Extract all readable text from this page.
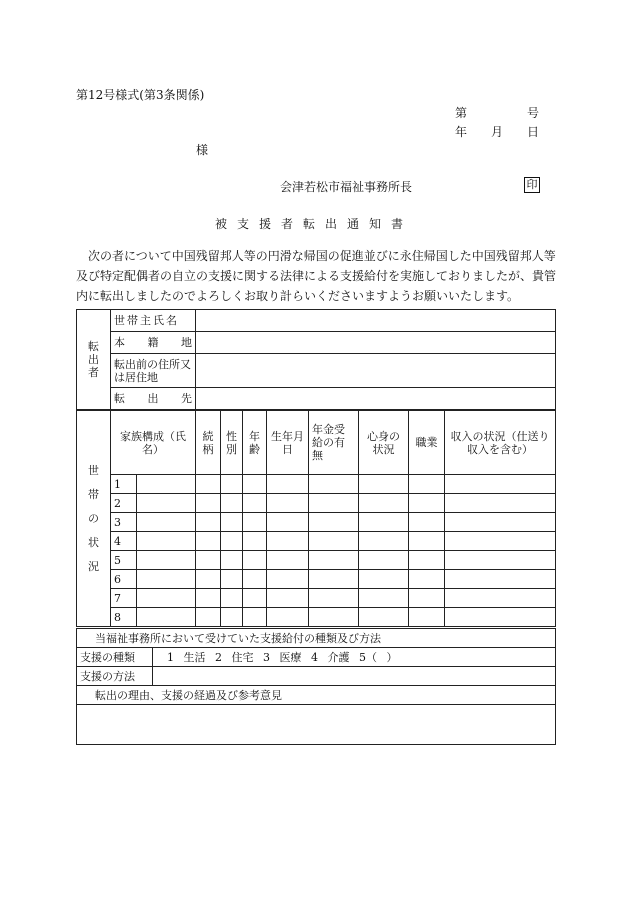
第12号様式(第3条関係)
第	号
年 月 日
様
会津若松市福祉事務所長	印
被支援者転出通知書

次の者について中国残留邦人等の円滑な帰国の促進並びに永住帰国した中国残留邦人等及び特定配偶者の自立の支援に関する法律による支援給付を実施しておりましたが、貴管内に転出しましたのでよろしくお取り計らいくださいますようお願いいたします。

転出者	世帯主氏名	

	本 籍 地	

	転出前の住所又は居住地	

	転 出 先	

世帯の状況	家族構成（氏 名）		続柄	性別	年齢	生年月日	年金受給の有無	心身の状況	職業	収入の状況（仕送り収入を含む）
	1									
	2									
	3									
	4									
	5									
	6									
	7									
	8									
当福祉事務所において受けていた支援給付の種類及び方法	
支援の種類	1 生活 2 住宅 3 医療 4 介護 5（ ）
支援の方法	
転出の理由、支援の経過及び参考意見	
